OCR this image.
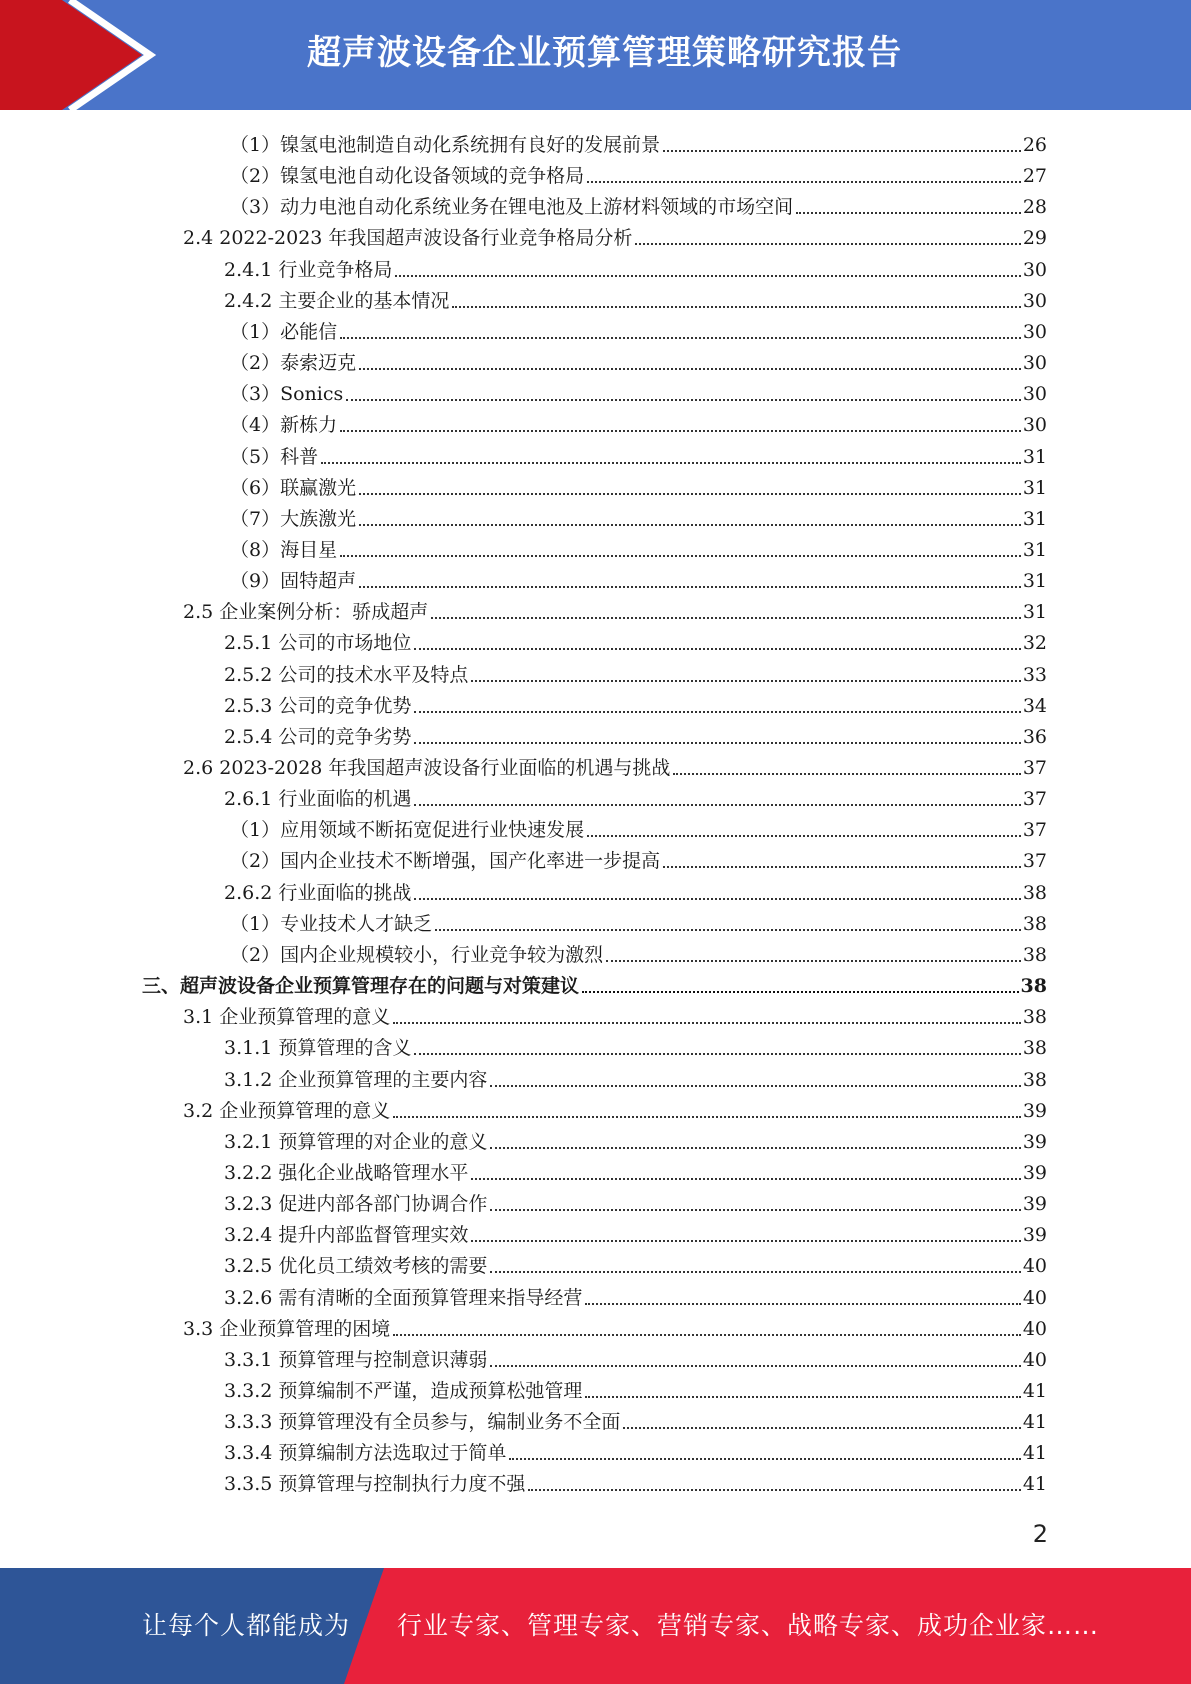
超声波设备企业预算管理策略研究报告
（1）镍氢电池制造自动化系统拥有良好的发展前景	26
（2）镍氢电池自动化设备领域的竞争格局	27
（3）动力电池自动化系统业务在锂电池及上游材料领域的市场空间	28
2.4 2022-2023 年我国超声波设备行业竞争格局分析	29
2.4.1 行业竞争格局	30
2.4.2 主要企业的基本情况	30
（1）必能信	30
（2）泰索迈克	30
（3）Sonics	30
（4）新栋力	30
（5）科普	31
（6）联赢激光	31
（7）大族激光	31
（8）海目星	31
（9）固特超声	31
2.5 企业案例分析：骄成超声	31
2.5.1 公司的市场地位	32
2.5.2 公司的技术水平及特点	33
2.5.3 公司的竞争优势	34
2.5.4 公司的竞争劣势	36
2.6 2023-2028 年我国超声波设备行业面临的机遇与挑战	37
2.6.1 行业面临的机遇	37
（1）应用领域不断拓宽促进行业快速发展	37
（2）国内企业技术不断增强，国产化率进一步提高	37
2.6.2 行业面临的挑战	38
（1）专业技术人才缺乏	38
（2）国内企业规模较小，行业竞争较为激烈	38
三、超声波设备企业预算管理存在的问题与对策建议	38
3.1 企业预算管理的意义	38
3.1.1 预算管理的含义	38
3.1.2 企业预算管理的主要内容	38
3.2 企业预算管理的意义	39
3.2.1 预算管理的对企业的意义	39
3.2.2 强化企业战略管理水平	39
3.2.3 促进内部各部门协调合作	39
3.2.4 提升内部监督管理实效	39
3.2.5 优化员工绩效考核的需要	40
3.2.6 需有清晰的全面预算管理来指导经营	40
3.3 企业预算管理的困境	40
3.3.1 预算管理与控制意识薄弱	40
3.3.2 预算编制不严谨，造成预算松弛管理	41
3.3.3 预算管理没有全员参与，编制业务不全面	41
3.3.4 预算编制方法选取过于简单	41
3.3.5 预算管理与控制执行力度不强	41
2
让每个人都能成为 行业专家、管理专家、营销专家、战略专家、成功企业家……
